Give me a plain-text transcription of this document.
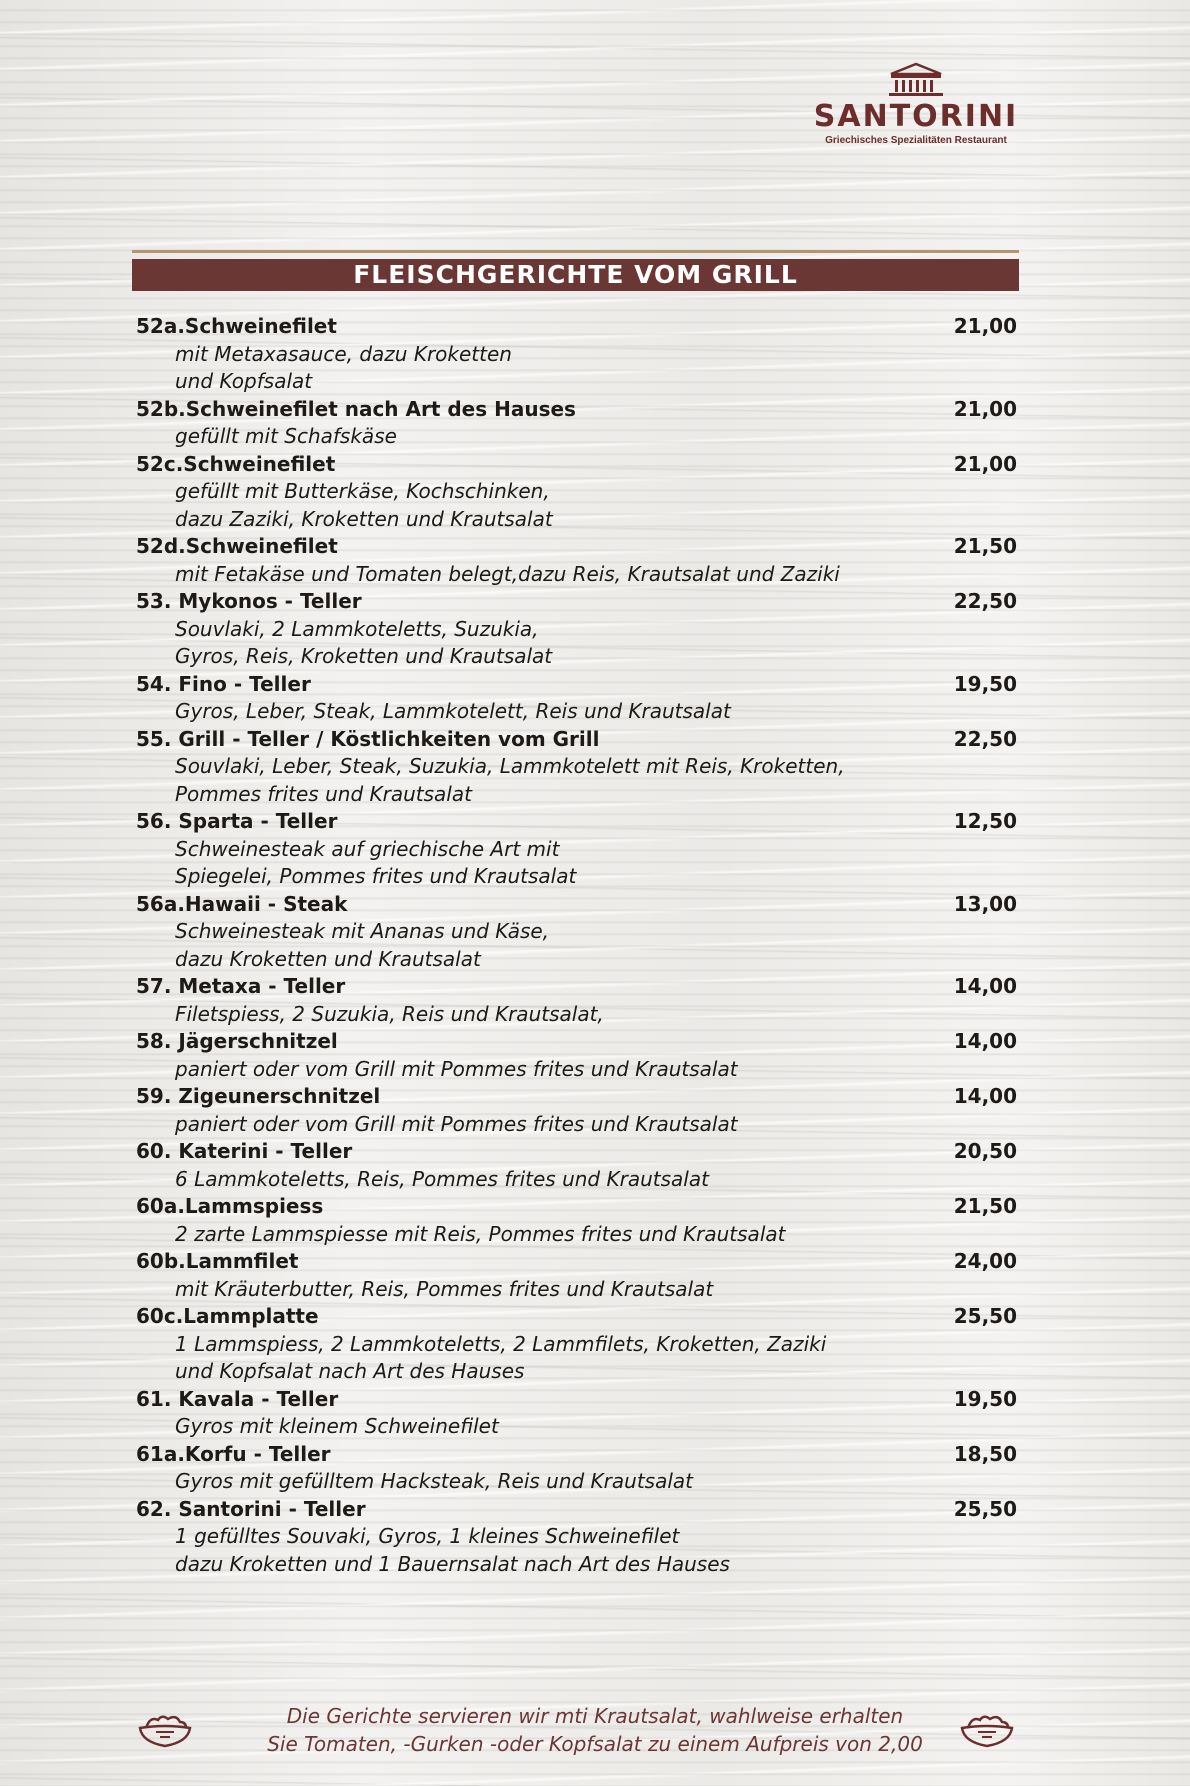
SANTORINI
Griechisches Spezialitäten Restaurant
FLEISCHGERICHTE VOM GRILL
52a.Schweinefilet	21,00
mit Metaxasauce, dazu Kroketten
und Kopfsalat
52b.Schweinefilet nach Art des Hauses	21,00
gefüllt mit Schafskäse
52c.Schweinefilet	21,00
gefüllt mit Butterkäse, Kochschinken,
dazu Zaziki, Kroketten und Krautsalat
52d.Schweinefilet	21,50
mit Fetakäse und Tomaten belegt,dazu Reis, Krautsalat und Zaziki
53. Mykonos - Teller	22,50
Souvlaki, 2 Lammkoteletts, Suzukia,
Gyros, Reis, Kroketten und Krautsalat
54. Fino - Teller	19,50
Gyros, Leber, Steak, Lammkotelett, Reis und Krautsalat
55. Grill - Teller / Köstlichkeiten vom Grill	22,50
Souvlaki, Leber, Steak, Suzukia, Lammkotelett mit Reis, Kroketten,
Pommes frites und Krautsalat
56. Sparta - Teller	12,50
Schweinesteak auf griechische Art mit
Spiegelei, Pommes frites und Krautsalat
56a.Hawaii - Steak	13,00
Schweinesteak mit Ananas und Käse,
dazu Kroketten und Krautsalat
57. Metaxa - Teller	14,00
Filetspiess, 2 Suzukia, Reis und Krautsalat,
58. Jägerschnitzel	14,00
paniert oder vom Grill mit Pommes frites und Krautsalat
59. Zigeunerschnitzel	14,00
paniert oder vom Grill mit Pommes frites und Krautsalat
60. Katerini - Teller	20,50
6 Lammkoteletts, Reis, Pommes frites und Krautsalat
60a.Lammspiess	21,50
2 zarte Lammspiesse mit Reis, Pommes frites und Krautsalat
60b.Lammfilet	24,00
mit Kräuterbutter, Reis, Pommes frites und Krautsalat
60c.Lammplatte	25,50
1 Lammspiess, 2 Lammkoteletts, 2 Lammfilets, Kroketten, Zaziki
und Kopfsalat nach Art des Hauses
61. Kavala - Teller	19,50
Gyros mit kleinem Schweinefilet
61a.Korfu - Teller	18,50
Gyros mit gefülltem Hacksteak, Reis und Krautsalat
62. Santorini - Teller	25,50
1 gefülltes Souvaki, Gyros, 1 kleines Schweinefilet
dazu Kroketten und 1 Bauernsalat nach Art des Hauses
Die Gerichte servieren wir mti Krautsalat, wahlweise erhalten
Sie Tomaten, -Gurken -oder Kopfsalat zu einem Aufpreis von 2,00
